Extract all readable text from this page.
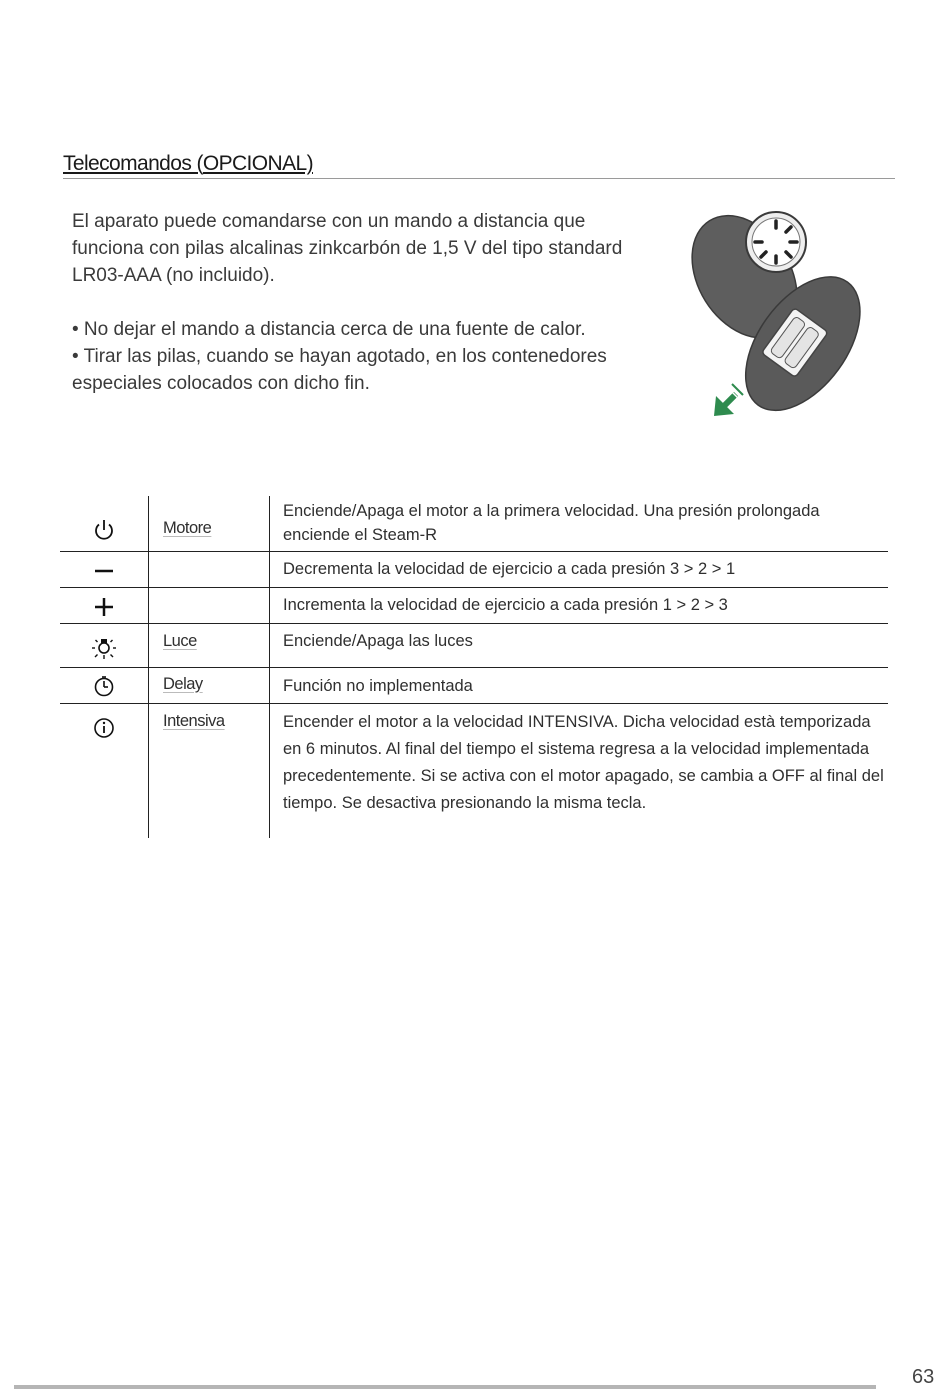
Telecomandos (OPCIONAL)

El aparato puede comandarse con un mando a distancia que funciona con pilas alcalinas zinkcarbón de 1,5 V del tipo standard LR03-AAA (no incluido).

• No dejar el mando a distancia cerca de una fuente de calor.

• Tirar las pilas, cuando se hayan agotado, en los contenedores especiales colocados con dicho fin.

	Motore	Enciende/Apaga el motor a la primera velocidad. Una presión prolongada enciende el Steam-R

		Decrementa la velocidad de ejercicio a cada presión 3 > 2 > 1

		Incrementa la velocidad de ejercicio a cada presión 1 > 2 > 3

	Luce	Enciende/Apaga las luces

	Delay	Función no implementada

	Intensiva	Encender el motor a la velocidad INTENSIVA. Dicha velocidad està temporizada en 6 minutos. Al final del tiempo el sistema regresa a la velocidad implementada precedentemente. Si se activa con el motor apagado, se cambia a OFF al final del tiempo. Se desactiva presionando la misma tecla.
63
